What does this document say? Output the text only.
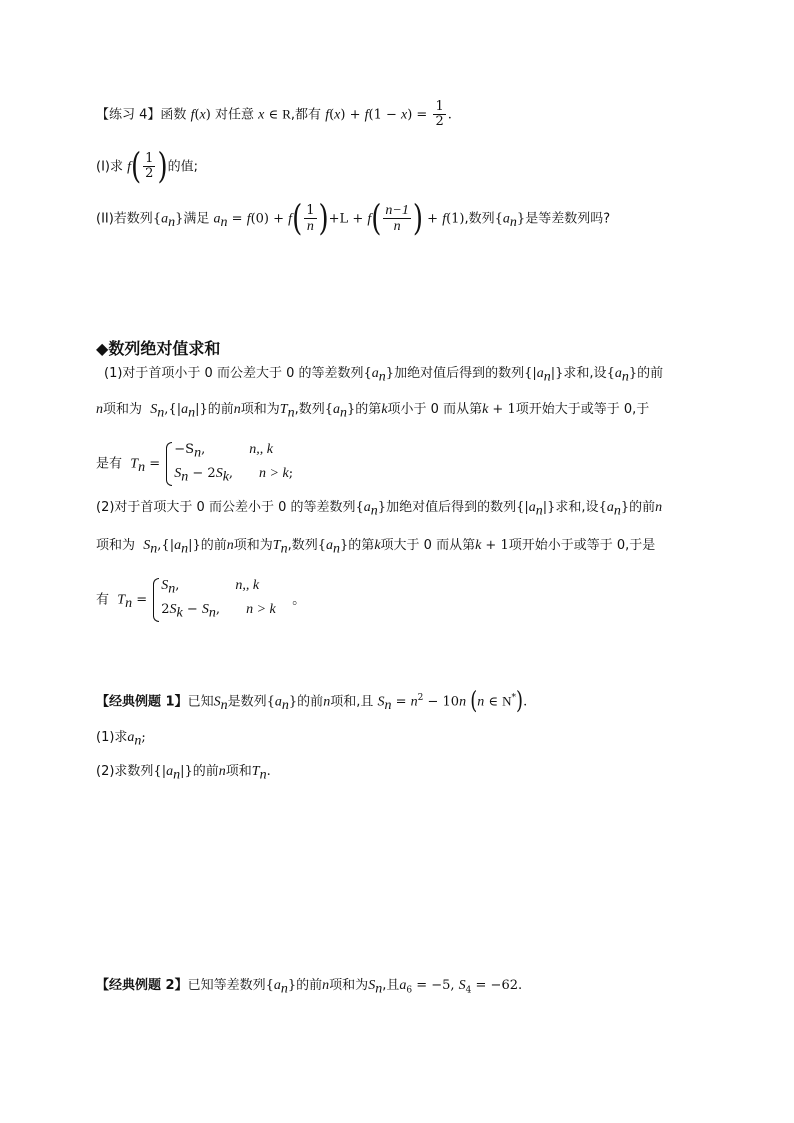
【练习 4】函数 f(x) 对任意 x ∈ R,都有 $f(x) + f(1 - x) = \frac{1}{2}$ .
(I)求 $f( \frac{1}{2}$ )的值;
(II)若数列$\{a_n\}$满足 $a_n = f(0) + f( \frac{1}{n} )+L + f( \frac{n-1}{n}$ ) + f(1),数列$\{a_n\}$是等差数列吗?
◆数列绝对值求和
(1)对于首项小于 0 而公差大于 0 的等差数列$\{a_n\}$加绝对值后得到的数列$\{|a_n|\}$求和,设$\{a_n\}$的前
n项和为 $S_n,\{|a_n|\}$的前n项和为$T_n$,数列$\{a_n\}$的第k项小于 0 而从第k + 1项开始大于或等于 0,于
是有 $T_n$ =
$-S_n$,	n,, k
$S_n - 2S_k$, n > k;
(2)对于首项大于 0 而公差小于 0 的等差数列$\{a_n\}$加绝对值后得到的数列$\{|a_n|\}$求和,设$\{a_n\}$的前n
项和为 $S_n,\{|a_n|\}$的前n项和为$T_n$,数列$\{a_n\}$的第k项大于 0 而从第k + 1项开始小于或等于 0,于是
有 $T_n$ =
$S_n$,	n,, k
$2S_k - S_n$, n > k
。
【经典例题 1】已知$S_n$是数列$\{a_n\}$的前n项和,且 $S_n = n^2 - 10n$ (n ∈ N*).
(1)求$a_n$;
(2)求数列$\{|a_n|\}$的前n项和$T_n$.
【经典例题 2】已知等差数列$\{a_n\}$的前n项和为$S_n$,且$a_6 = -5$, $S_4 = -62$.
